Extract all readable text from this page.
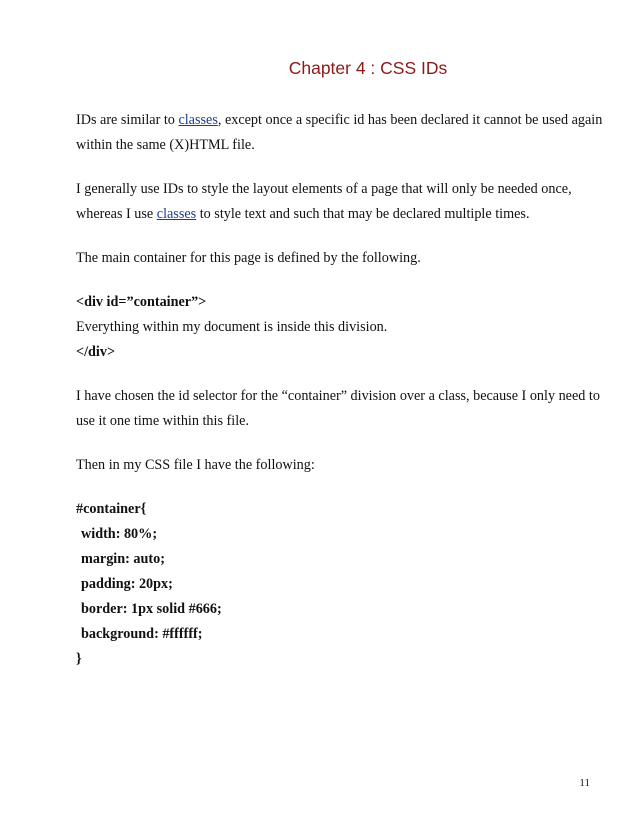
Chapter 4 : CSS IDs

IDs are similar to classes, except once a specific id has been declared it cannot be used again within the same (X)HTML file.

I generally use IDs to style the layout elements of a page that will only be needed once, whereas I use classes to style text and such that may be declared multiple times.

The main container for this page is defined by the following.

<div id=”container”>
Everything within my document is inside this division.
</div>

I have chosen the id selector for the “container” division over a class, because I only need to use it one time within this file.

Then in my CSS file I have the following:

#container{
width: 80%;
margin: auto;
padding: 20px;
border: 1px solid #666;
background: #ffffff;
}
11
